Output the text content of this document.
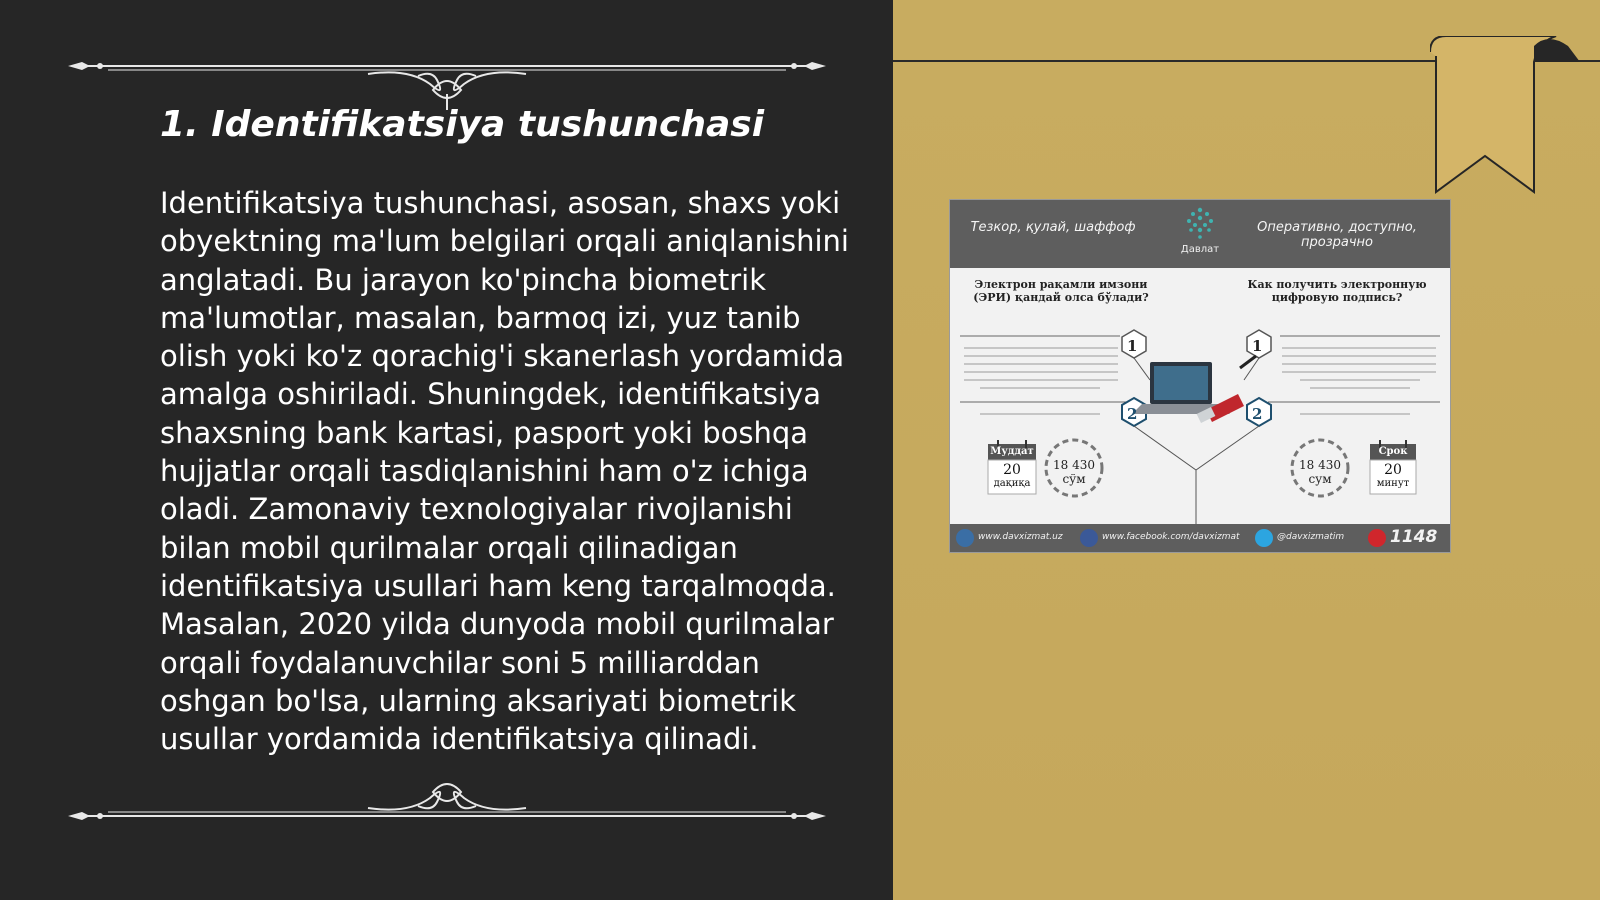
1. Identifikatsiya tushunchasi

Identifikatsiya tushunchasi, asosan, shaxs yoki obyektning ma'lum belgilari orqali aniqlanishini anglatadi. Bu jarayon ko'pincha biometrik ma'lumotlar, masalan, barmoq izi, yuz tanib olish yoki ko'z qorachig'i skanerlash yordamida amalga oshiriladi. Shuningdek, identifikatsiya shaxsning bank kartasi, pasport yoki boshqa hujjatlar orqali tasdiqlanishini ham o'z ichiga oladi. Zamonaviy texnologiyalar rivojlanishi bilan mobil qurilmalar orqali qilinadigan identifikatsiya usullari ham keng tarqalmoqda. Masalan, 2020 yilda dunyoda mobil qurilmalar orqali foydalanuvchilar soni 5 milliarddan oshgan bo'lsa, ularning aksariyati biometrik usullar yordamida identifikatsiya qilinadi.

Тезкор, қулай, шаффоф
Давлат
Оперативно, доступно, прозрачно
Электрон рақамли имзони (ЭРИ) қандай олса бўлади?
Как получить электронную цифровую подпись?
1
2
1
2
Муддат
20
дақиқа
18 430
сўм
18 430
сум
Срок
20
минут
www.davxizmat.uz	www.facebook.com/davxizmat	@davxizmatim	1148
